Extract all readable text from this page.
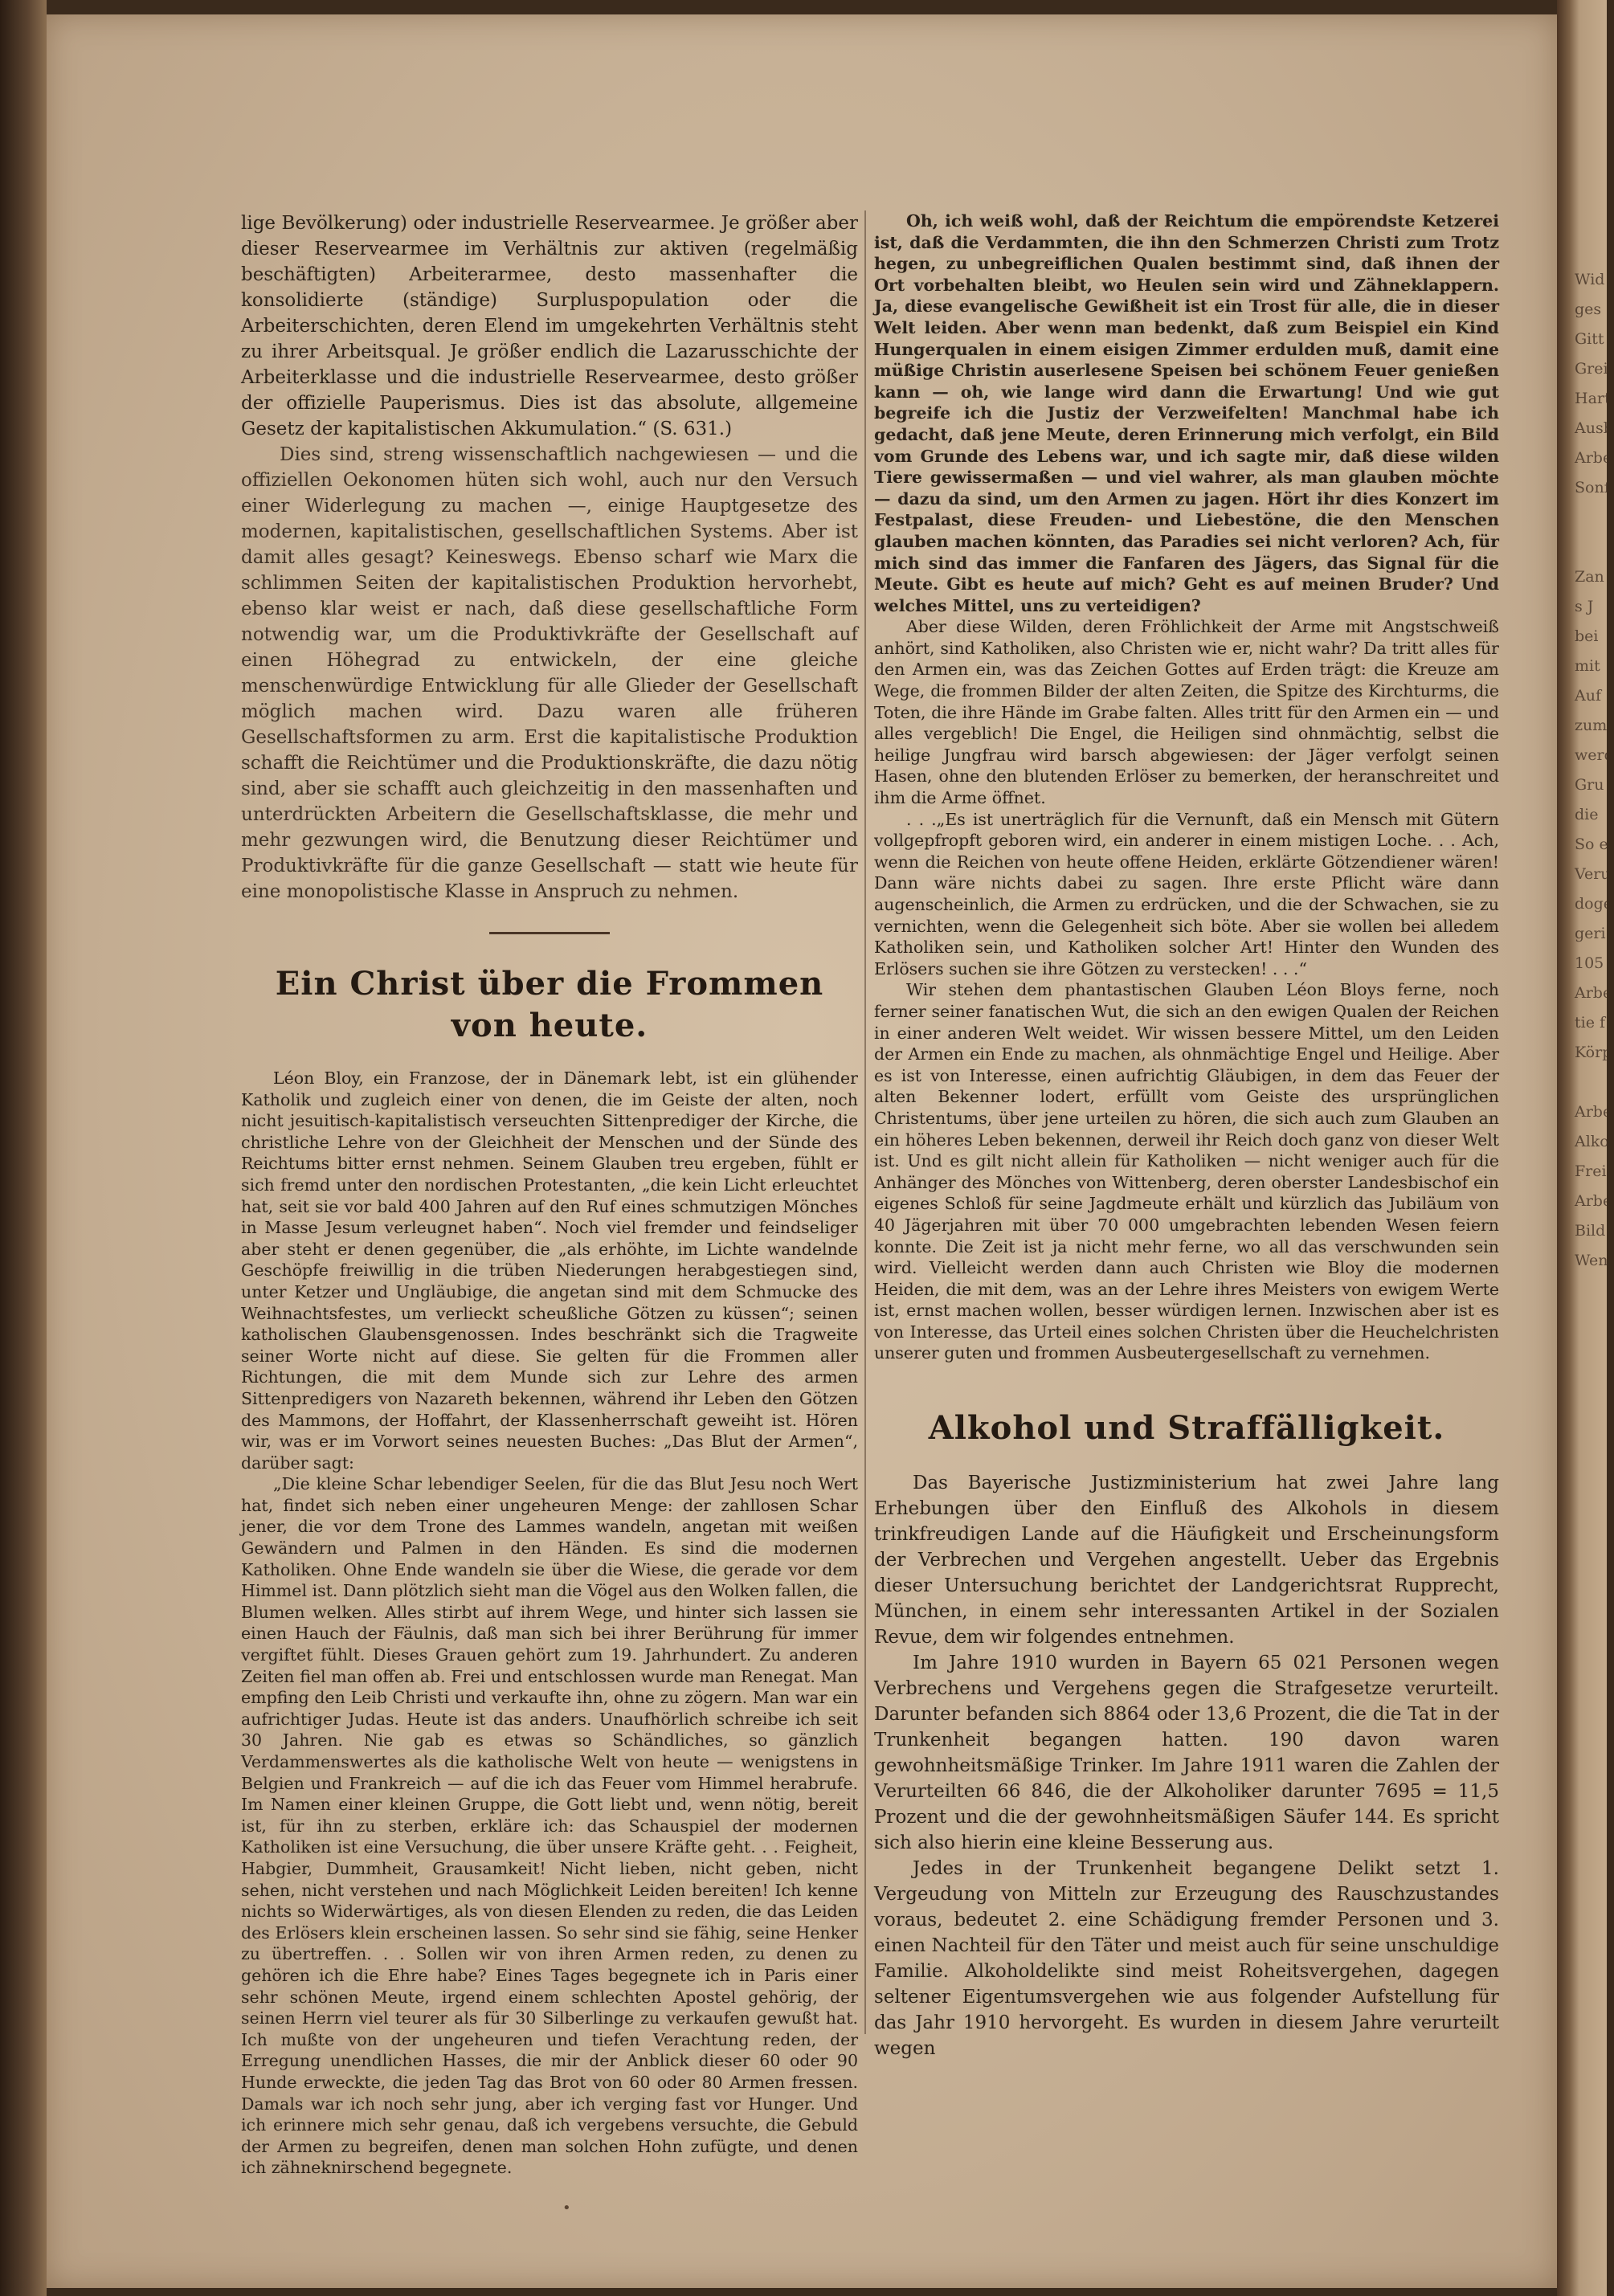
Wid
ges
Gitt
Grei
Hart
Ausb
Arbe
Sonf
Zan
s J
bei
mit
Auf
zum
werd
Gru
die
So e
Veru
doge
geri
105
Arbe
tie f
Körp
Arbe
Alko
Frei
Arbe
Bild
Wen

lige Bevölkerung) oder industrielle Reservearmee. Je größer aber dieser Reservearmee im Verhältnis zur aktiven (regelmäßig beschäftigten) Arbeiterarmee, desto massenhafter die konsolidierte (ständige) Surpluspopulation oder die Arbeiterschichten, deren Elend im umgekehrten Verhältnis steht zu ihrer Arbeitsqual. Je größer endlich die Lazarusschichte der Arbeiterklasse und die industrielle Reservearmee, desto größer der offizielle Pauperismus. Dies ist das absolute, allgemeine Gesetz der kapitalistischen Akkumulation.“ (S. 631.)

Dies sind, streng wissenschaftlich nachgewiesen — und die offiziellen Oekonomen hüten sich wohl, auch nur den Versuch einer Widerlegung zu machen —, einige Hauptgesetze des modernen, kapitalistischen, gesellschaftlichen Systems. Aber ist damit alles gesagt? Keineswegs. Ebenso scharf wie Marx die schlimmen Seiten der kapitalistischen Produktion hervorhebt, ebenso klar weist er nach, daß diese gesellschaftliche Form notwendig war, um die Produktivkräfte der Gesellschaft auf einen Höhegrad zu entwickeln, der eine gleiche menschenwürdige Entwicklung für alle Glieder der Gesellschaft möglich machen wird. Dazu waren alle früheren Gesellschaftsformen zu arm. Erst die kapitalistische Produktion schafft die Reichtümer und die Produktionskräfte, die dazu nötig sind, aber sie schafft auch gleichzeitig in den massenhaften und unterdrückten Arbeitern die Gesellschaftsklasse, die mehr und mehr gezwungen wird, die Benutzung dieser Reichtümer und Produktivkräfte für die ganze Gesellschaft — statt wie heute für eine monopolistische Klasse in Anspruch zu nehmen.

Ein Christ über die Frommen von heute.

Léon Bloy, ein Franzose, der in Dänemark lebt, ist ein glühender Katholik und zugleich einer von denen, die im Geiste der alten, noch nicht jesuitisch-kapitalistisch verseuchten Sittenprediger der Kirche, die christliche Lehre von der Gleichheit der Menschen und der Sünde des Reichtums bitter ernst nehmen. Seinem Glauben treu ergeben, fühlt er sich fremd unter den nordischen Protestanten, „die kein Licht erleuchtet hat, seit sie vor bald 400 Jahren auf den Ruf eines schmutzigen Mönches in Masse Jesum verleugnet haben“. Noch viel fremder und feindseliger aber steht er denen gegenüber, die „als erhöhte, im Lichte wandelnde Geschöpfe freiwillig in die trüben Niederungen herabgestiegen sind, unter Ketzer und Ungläubige, die angetan sind mit dem Schmucke des Weihnachtsfestes, um verlieckt scheußliche Götzen zu küssen“; seinen katholischen Glaubensgenossen. Indes beschränkt sich die Tragweite seiner Worte nicht auf diese. Sie gelten für die Frommen aller Richtungen, die mit dem Munde sich zur Lehre des armen Sittenpredigers von Nazareth bekennen, während ihr Leben den Götzen des Mammons, der Hoffahrt, der Klassenherrschaft geweiht ist. Hören wir, was er im Vorwort seines neuesten Buches: „Das Blut der Armen“, darüber sagt:

„Die kleine Schar lebendiger Seelen, für die das Blut Jesu noch Wert hat, findet sich neben einer ungeheuren Menge: der zahllosen Schar jener, die vor dem Trone des Lammes wandeln, angetan mit weißen Gewändern und Palmen in den Händen. Es sind die modernen Katholiken. Ohne Ende wandeln sie über die Wiese, die gerade vor dem Himmel ist. Dann plötzlich sieht man die Vögel aus den Wolken fallen, die Blumen welken. Alles stirbt auf ihrem Wege, und hinter sich lassen sie einen Hauch der Fäulnis, daß man sich bei ihrer Berührung für immer vergiftet fühlt. Dieses Grauen gehört zum 19. Jahrhundert. Zu anderen Zeiten fiel man offen ab. Frei und entschlossen wurde man Renegat. Man empfing den Leib Christi und verkaufte ihn, ohne zu zögern. Man war ein aufrichtiger Judas. Heute ist das anders. Unaufhörlich schreibe ich seit 30 Jahren. Nie gab es etwas so Schändliches, so gänzlich Verdammenswertes als die katholische Welt von heute — wenigstens in Belgien und Frankreich — auf die ich das Feuer vom Himmel herabrufe. Im Namen einer kleinen Gruppe, die Gott liebt und, wenn nötig, bereit ist, für ihn zu sterben, erkläre ich: das Schauspiel der modernen Katholiken ist eine Versuchung, die über unsere Kräfte geht. . . Feigheit, Habgier, Dummheit, Grausamkeit! Nicht lieben, nicht geben, nicht sehen, nicht verstehen und nach Möglichkeit Leiden bereiten! Ich kenne nichts so Widerwärtiges, als von diesen Elenden zu reden, die das Leiden des Erlösers klein erscheinen lassen. So sehr sind sie fähig, seine Henker zu übertreffen. . . Sollen wir von ihren Armen reden, zu denen zu gehören ich die Ehre habe? Eines Tages begegnete ich in Paris einer sehr schönen Meute, irgend einem schlechten Apostel gehörig, der seinen Herrn viel teurer als für 30 Silberlinge zu verkaufen gewußt hat. Ich mußte von der ungeheuren und tiefen Verachtung reden, der Erregung unendlichen Hasses, die mir der Anblick dieser 60 oder 90 Hunde erweckte, die jeden Tag das Brot von 60 oder 80 Armen fressen. Damals war ich noch sehr jung, aber ich verging fast vor Hunger. Und ich erinnere mich sehr genau, daß ich vergebens versuchte, die Gebuld der Armen zu begreifen, denen man solchen Hohn zufügte, und denen ich zähneknirschend begegnete.

Oh, ich weiß wohl, daß der Reichtum die empörendste Ketzerei ist, daß die Verdammten, die ihn den Schmerzen Christi zum Trotz hegen, zu unbegreiflichen Qualen bestimmt sind, daß ihnen der Ort vorbehalten bleibt, wo Heulen sein wird und Zähneklappern. Ja, diese evangelische Gewißheit ist ein Trost für alle, die in dieser Welt leiden. Aber wenn man bedenkt, daß zum Beispiel ein Kind Hungerqualen in einem eisigen Zimmer erdulden muß, damit eine müßige Christin auserlesene Speisen bei schönem Feuer genießen kann — oh, wie lange wird dann die Erwartung! Und wie gut begreife ich die Justiz der Verzweifelten! Manchmal habe ich gedacht, daß jene Meute, deren Erinnerung mich verfolgt, ein Bild vom Grunde des Lebens war, und ich sagte mir, daß diese wilden Tiere gewissermaßen — und viel wahrer, als man glauben möchte — dazu da sind, um den Armen zu jagen. Hört ihr dies Konzert im Festpalast, diese Freuden- und Liebestöne, die den Menschen glauben machen könnten, das Paradies sei nicht verloren? Ach, für mich sind das immer die Fanfaren des Jägers, das Signal für die Meute. Gibt es heute auf mich? Geht es auf meinen Bruder? Und welches Mittel, uns zu verteidigen?

Aber diese Wilden, deren Fröhlichkeit der Arme mit Angstschweiß anhört, sind Katholiken, also Christen wie er, nicht wahr? Da tritt alles für den Armen ein, was das Zeichen Gottes auf Erden trägt: die Kreuze am Wege, die frommen Bilder der alten Zeiten, die Spitze des Kirchturms, die Toten, die ihre Hände im Grabe falten. Alles tritt für den Armen ein — und alles vergeblich! Die Engel, die Heiligen sind ohnmächtig, selbst die heilige Jungfrau wird barsch abgewiesen: der Jäger verfolgt seinen Hasen, ohne den blutenden Erlöser zu bemerken, der heranschreitet und ihm die Arme öffnet.

. . .„Es ist unerträglich für die Vernunft, daß ein Mensch mit Gütern vollgepfropft geboren wird, ein anderer in einem mistigen Loche. . . Ach, wenn die Reichen von heute offene Heiden, erklärte Götzendiener wären! Dann wäre nichts dabei zu sagen. Ihre erste Pflicht wäre dann augenscheinlich, die Armen zu erdrücken, und die der Schwachen, sie zu vernichten, wenn die Gelegenheit sich böte. Aber sie wollen bei alledem Katholiken sein, und Katholiken solcher Art! Hinter den Wunden des Erlösers suchen sie ihre Götzen zu verstecken! . . .“

Wir stehen dem phantastischen Glauben Léon Bloys ferne, noch ferner seiner fanatischen Wut, die sich an den ewigen Qualen der Reichen in einer anderen Welt weidet. Wir wissen bessere Mittel, um den Leiden der Armen ein Ende zu machen, als ohnmächtige Engel und Heilige. Aber es ist von Interesse, einen aufrichtig Gläubigen, in dem das Feuer der alten Bekenner lodert, erfüllt vom Geiste des ursprünglichen Christentums, über jene urteilen zu hören, die sich auch zum Glauben an ein höheres Leben bekennen, derweil ihr Reich doch ganz von dieser Welt ist. Und es gilt nicht allein für Katholiken — nicht weniger auch für die Anhänger des Mönches von Wittenberg, deren oberster Landesbischof ein eigenes Schloß für seine Jagdmeute erhält und kürzlich das Jubiläum von 40 Jägerjahren mit über 70 000 umgebrachten lebenden Wesen feiern konnte. Die Zeit ist ja nicht mehr ferne, wo all das verschwunden sein wird. Vielleicht werden dann auch Christen wie Bloy die modernen Heiden, die mit dem, was an der Lehre ihres Meisters von ewigem Werte ist, ernst machen wollen, besser würdigen lernen. Inzwischen aber ist es von Interesse, das Urteil eines solchen Christen über die Heuchelchristen unserer guten und frommen Ausbeutergesellschaft zu vernehmen.

Alkohol und Straffälligkeit.

Das Bayerische Justizministerium hat zwei Jahre lang Erhebungen über den Einfluß des Alkohols in diesem trinkfreudigen Lande auf die Häufigkeit und Erscheinungsform der Verbrechen und Vergehen angestellt. Ueber das Ergebnis dieser Untersuchung berichtet der Landgerichtsrat Rupprecht, München, in einem sehr interessanten Artikel in der Sozialen Revue, dem wir folgendes entnehmen.

Im Jahre 1910 wurden in Bayern 65 021 Personen wegen Verbrechens und Vergehens gegen die Strafgesetze verurteilt. Darunter befanden sich 8864 oder 13,6 Prozent, die die Tat in der Trunkenheit begangen hatten. 190 davon waren gewohnheitsmäßige Trinker. Im Jahre 1911 waren die Zahlen der Verurteilten 66 846, die der Alkoholiker darunter 7695 = 11,5 Prozent und die der gewohnheitsmäßigen Säufer 144. Es spricht sich also hierin eine kleine Besserung aus.

Jedes in der Trunkenheit begangene Delikt setzt 1. Vergeudung von Mitteln zur Erzeugung des Rauschzustandes voraus, bedeutet 2. eine Schädigung fremder Personen und 3. einen Nachteil für den Täter und meist auch für seine unschuldige Familie. Alkoholdelikte sind meist Roheitsvergehen, dagegen seltener Eigentumsvergehen wie aus folgender Aufstellung für das Jahr 1910 hervorgeht. Es wurden in diesem Jahre verurteilt wegen

•
